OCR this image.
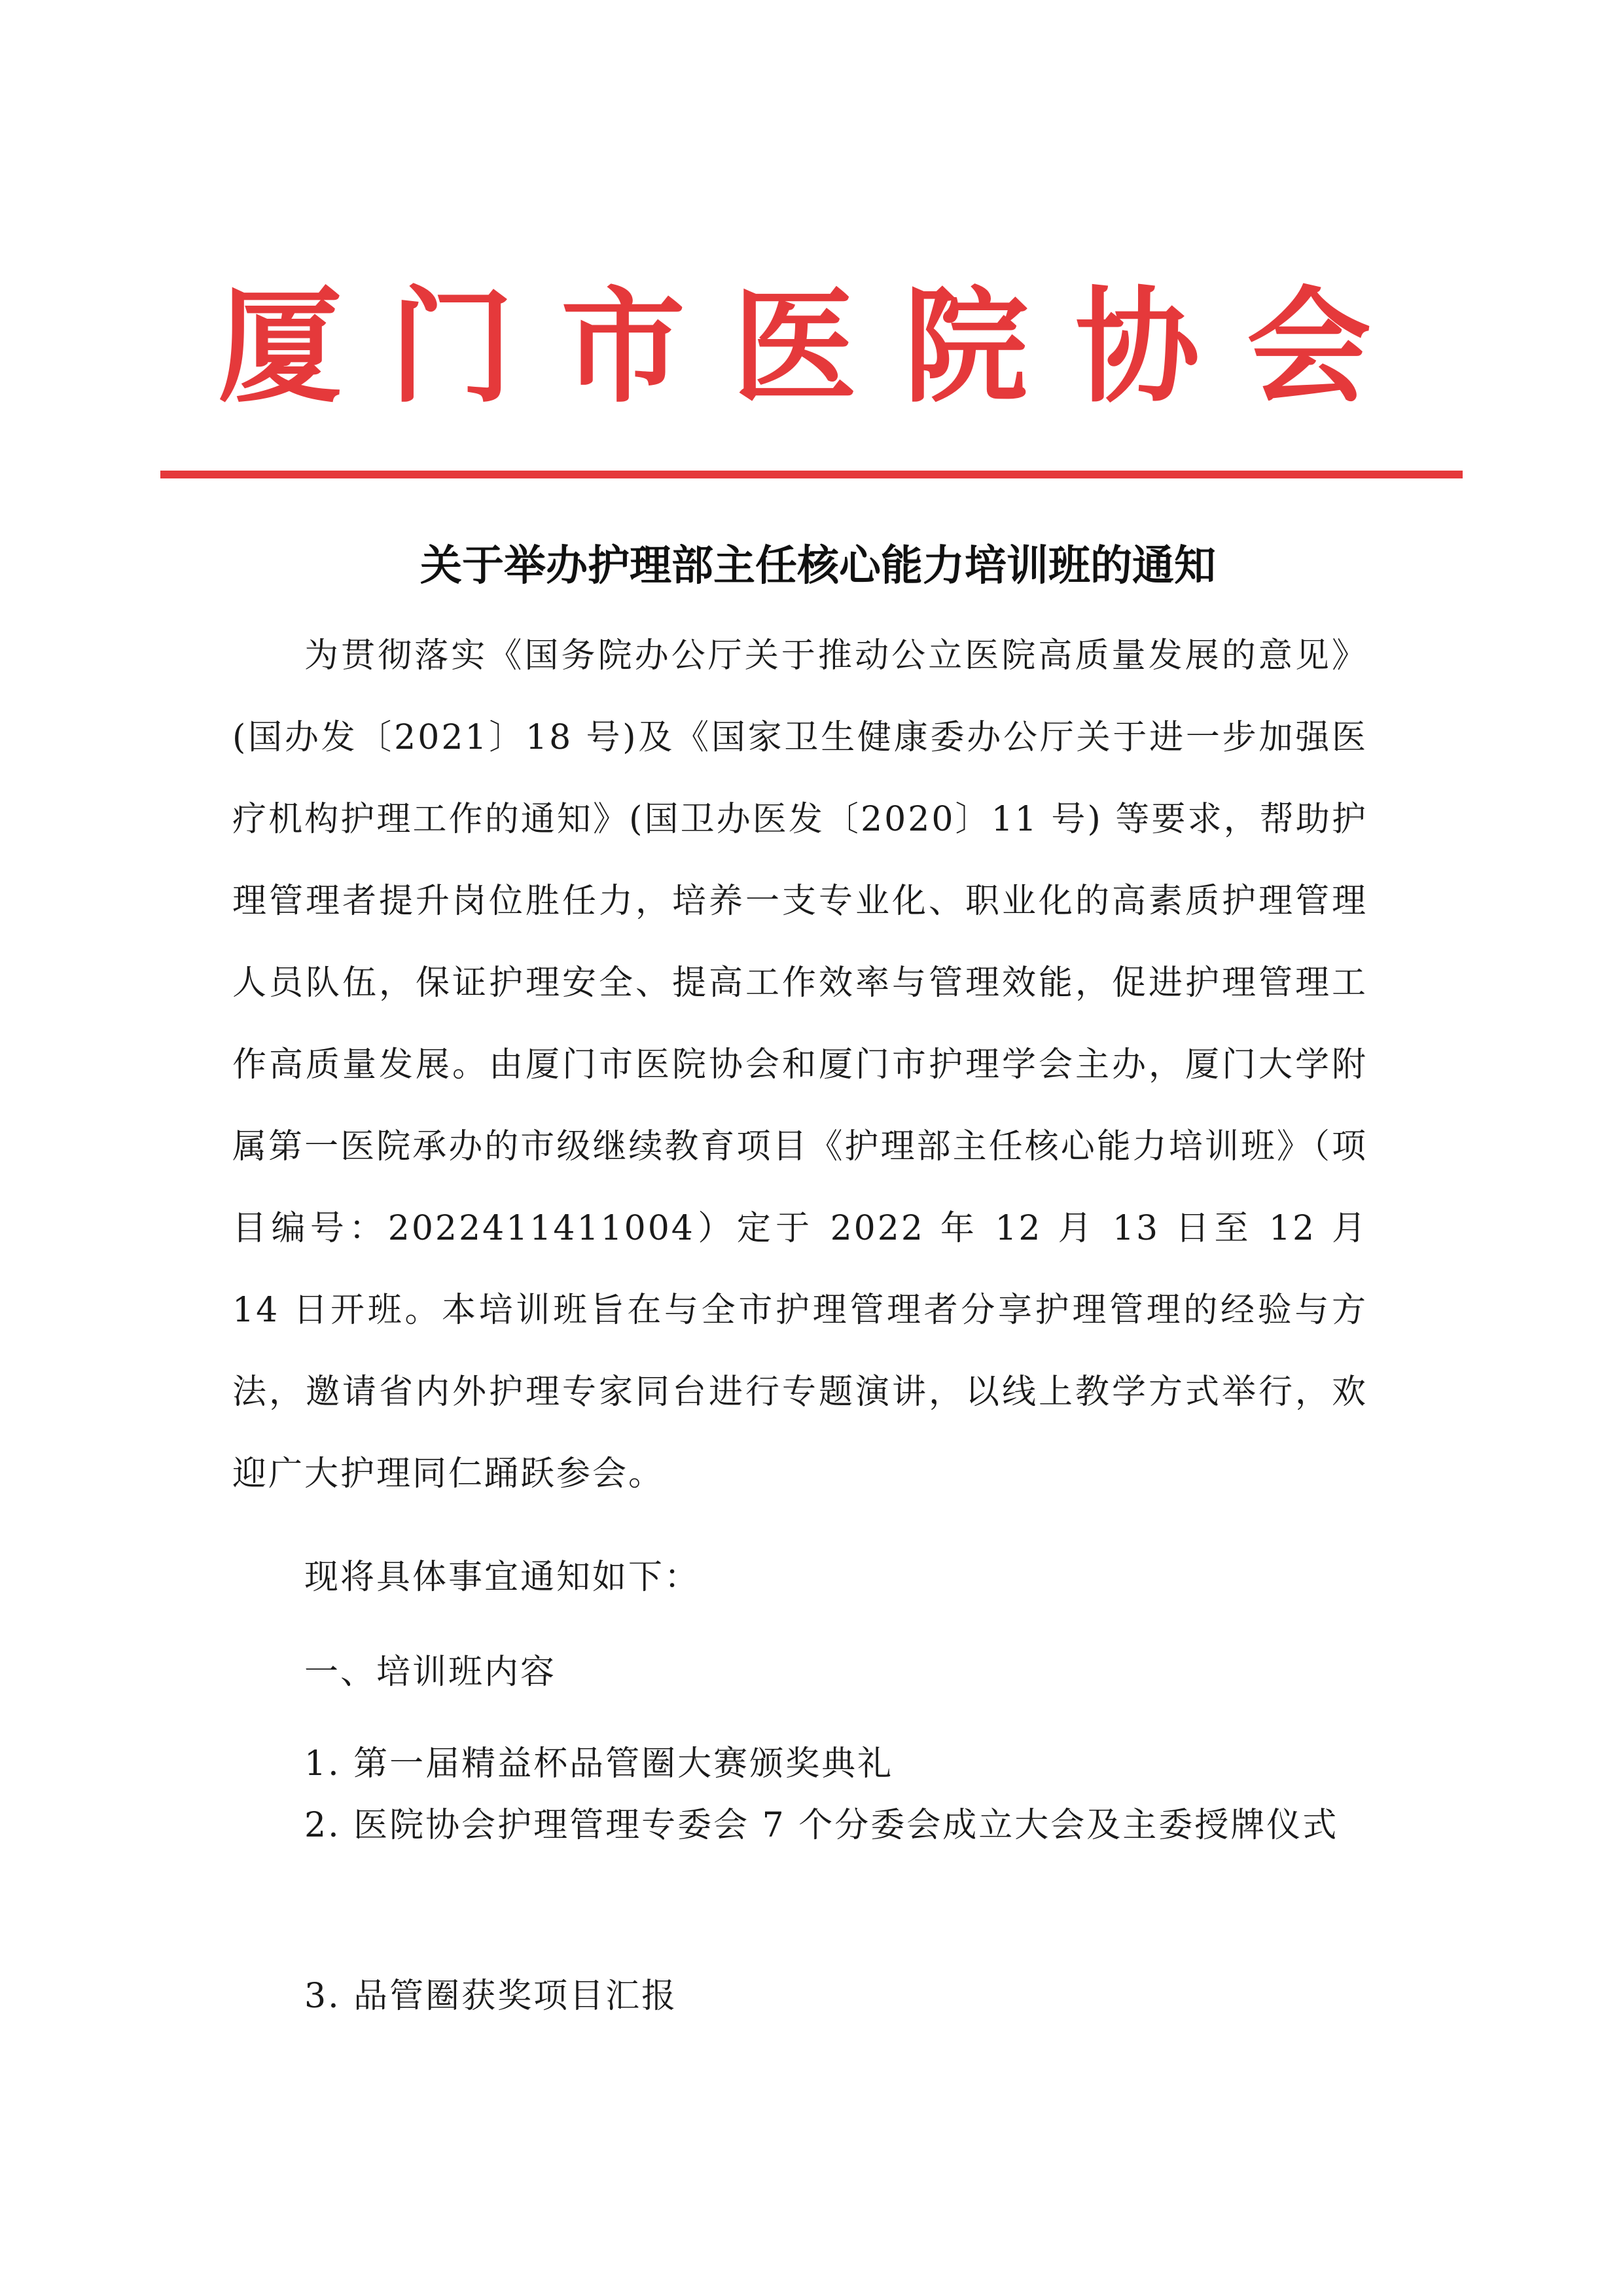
厦门市医院协会
关于举办护理部主任核心能力培训班的通知

为贯彻落实《国务院办公厅关于推动公立医院高质量发展的意见》(国办发〔2021〕18 号)及《国家卫生健康委办公厅关于进一步加强医疗机构护理工作的通知》(国卫办医发〔2020〕11 号) 等要求，帮助护理管理者提升岗位胜任力，培养一支专业化、职业化的高素质护理管理人员队伍，保证护理安全、提高工作效率与管理效能，促进护理管理工作高质量发展。由厦门市医院协会和厦门市护理学会主办，厦门大学附属第一医院承办的市级继续教育项目《护理部主任核心能力培训班》（项目编号：2022411411004）定于 2022 年 12 月 13 日至 12 月 14 日开班。本培训班旨在与全市护理管理者分享护理管理的经验与方法，邀请省内外护理专家同台进行专题演讲，以线上教学方式举行，欢迎广大护理同仁踊跃参会。

现将具体事宜通知如下：

一、培训班内容

1. 第一届精益杯品管圈大赛颁奖典礼

2. 医院协会护理管理专委会 7 个分委会成立大会及主委授牌仪式

3. 品管圈获奖项目汇报
